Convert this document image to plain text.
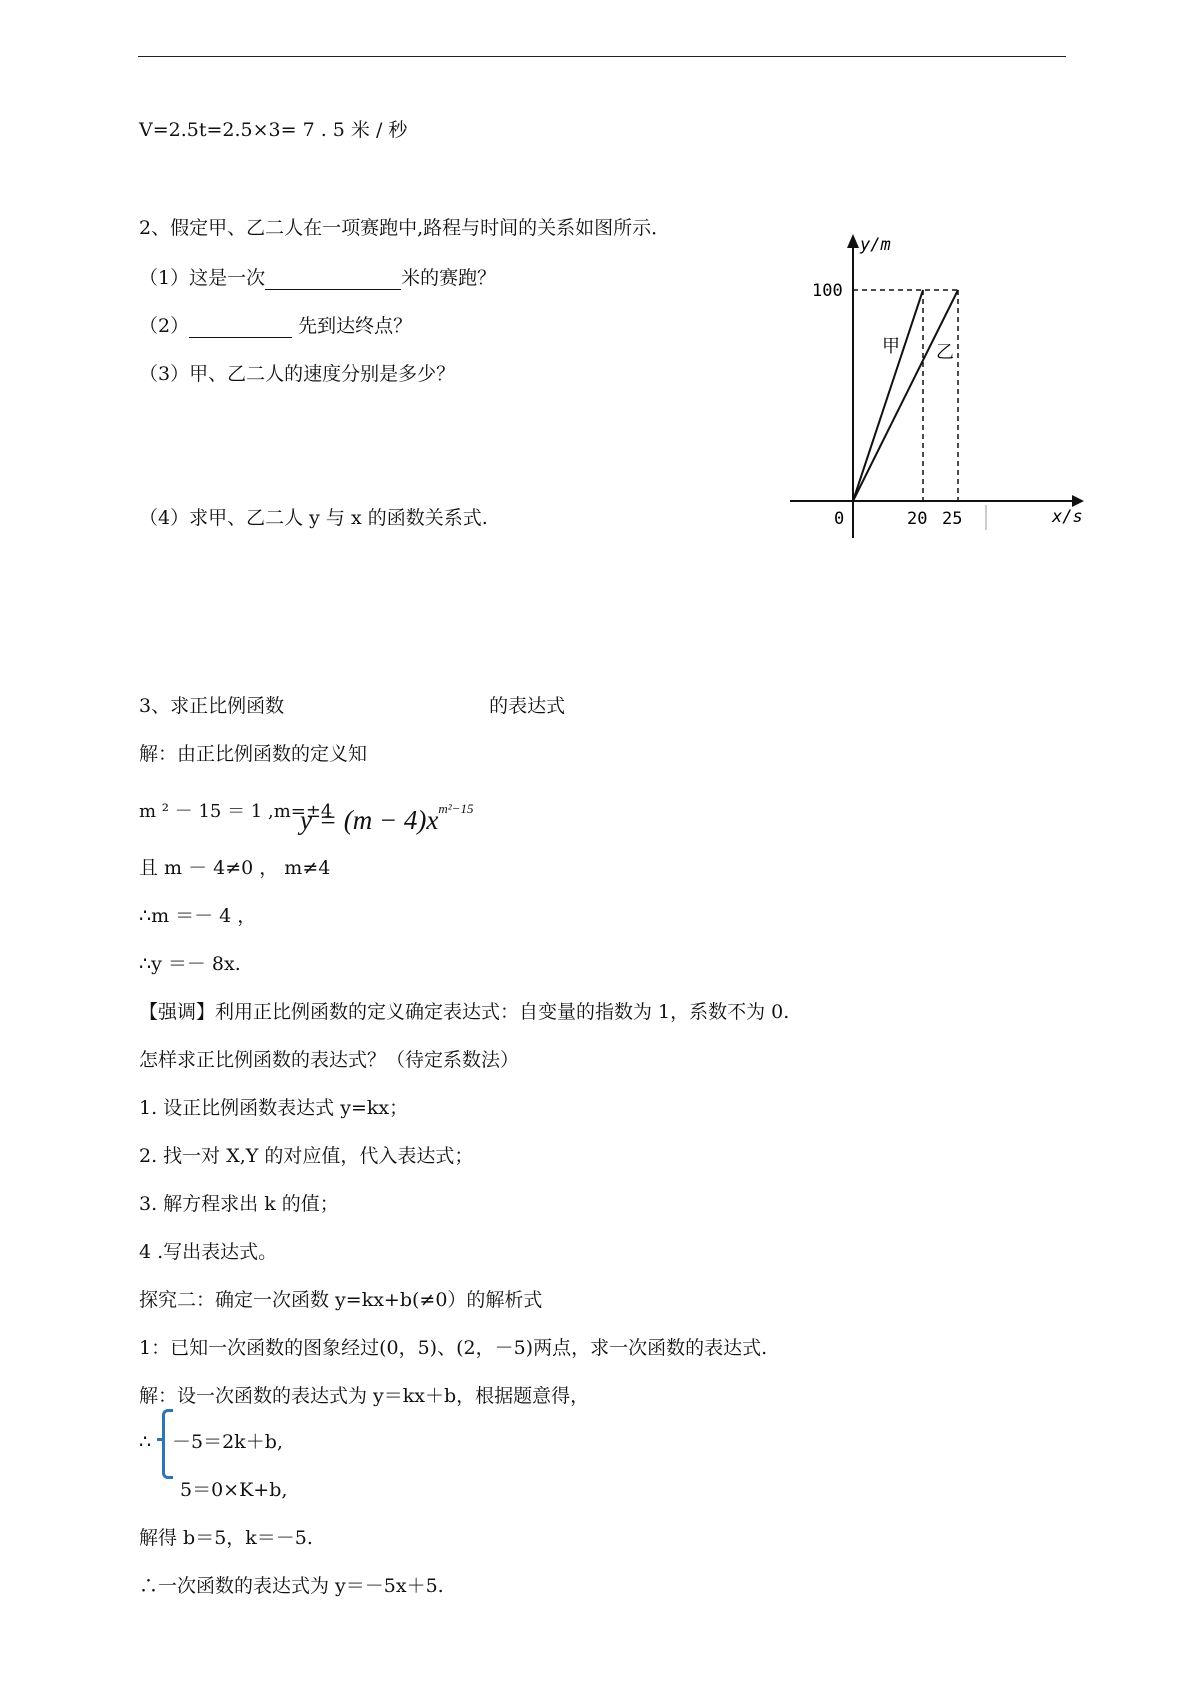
V=2.5t=2.5×3= 7 . 5 米 / 秒
2、假定甲、乙二人在一项赛跑中,路程与时间的关系如图所示．
（1）这是一次	米的赛跑？
（2）	先到达终点？
（3）甲、乙二人的速度分别是多少？
（4）求甲、乙二人 y 与 x 的函数关系式.
y/m
x/s
100
0	20 25
甲 乙
3、求正比例函数	的表达式
解：由正比例函数的定义知
m ² － 15 ＝ 1 ,m=±4
$y = (m - 4)x^{m^2-15}$
且 m － 4≠0 ， m≠4
∴m ＝－ 4 ，
∴y ＝－ 8x.
【强调】利用正比例函数的定义确定表达式：自变量的指数为 1，系数不为 0.
怎样求正比例函数的表达式？（待定系数法）
1. 设正比例函数表达式 y=kx；
2. 找一对 X,Y 的对应值，代入表达式；
3. 解方程求出 k 的值；
4 .写出表达式。
探究二：确定一次函数 y=kx+b(≠0）的解析式
1：已知一次函数的图象经过(0，5)、(2，－5)两点，求一次函数的表达式.
解：设一次函数的表达式为 y＝kx＋b，根据题意得，
∴ －5＝2k＋b,
5＝0×K+b,
解得 b＝5，k＝－5.
∴一次函数的表达式为 y＝－5x＋5.
